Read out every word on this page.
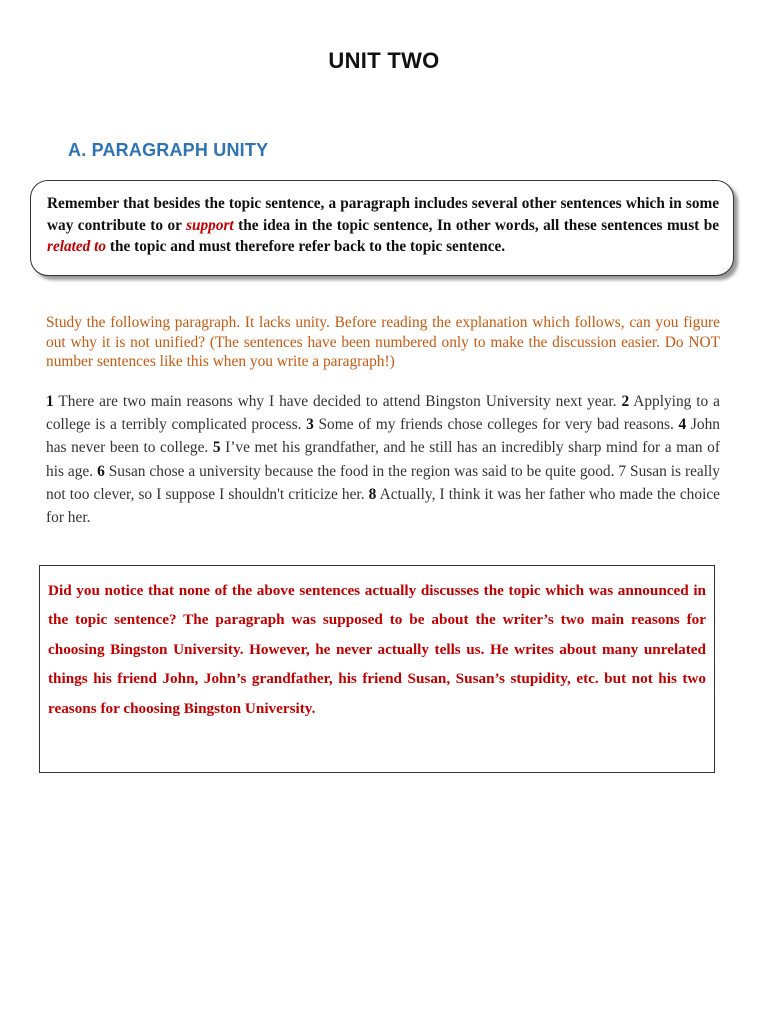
UNIT TWO
A. PARAGRAPH UNITY
Remember that besides the topic sentence, a paragraph includes several other sentences which in some way contribute to or support the idea in the topic sentence, In other words, all these sentences must be related to the topic and must therefore refer back to the topic sentence.
Study the following paragraph. It lacks unity. Before reading the explanation which follows, can you figure out why it is not unified? (The sentences have been numbered only to make the discussion easier. Do NOT number sentences like this when you write a paragraph!)
1 There are two main reasons why I have decided to attend Bingston University next year. 2 Applying to a college is a terribly complicated process. 3 Some of my friends chose colleges for very bad reasons. 4 John has never been to college. 5 I’ve met his grandfather, and he still has an incredibly sharp mind for a man of his age. 6 Susan chose a university because the food in the region was said to be quite good. 7 Susan is really not too clever, so I suppose I shouldn't criticize her. 8 Actually, I think it was her father who made the choice for her.
Did you notice that none of the above sentences actually discusses the topic which was announced in the topic sentence? The paragraph was supposed to be about the writer’s two main reasons for choosing Bingston University. However, he never actually tells us. He writes about many unrelated things his friend John, John’s grandfather, his friend Susan, Susan’s stupidity, etc. but not his two reasons for choosing Bingston University.
